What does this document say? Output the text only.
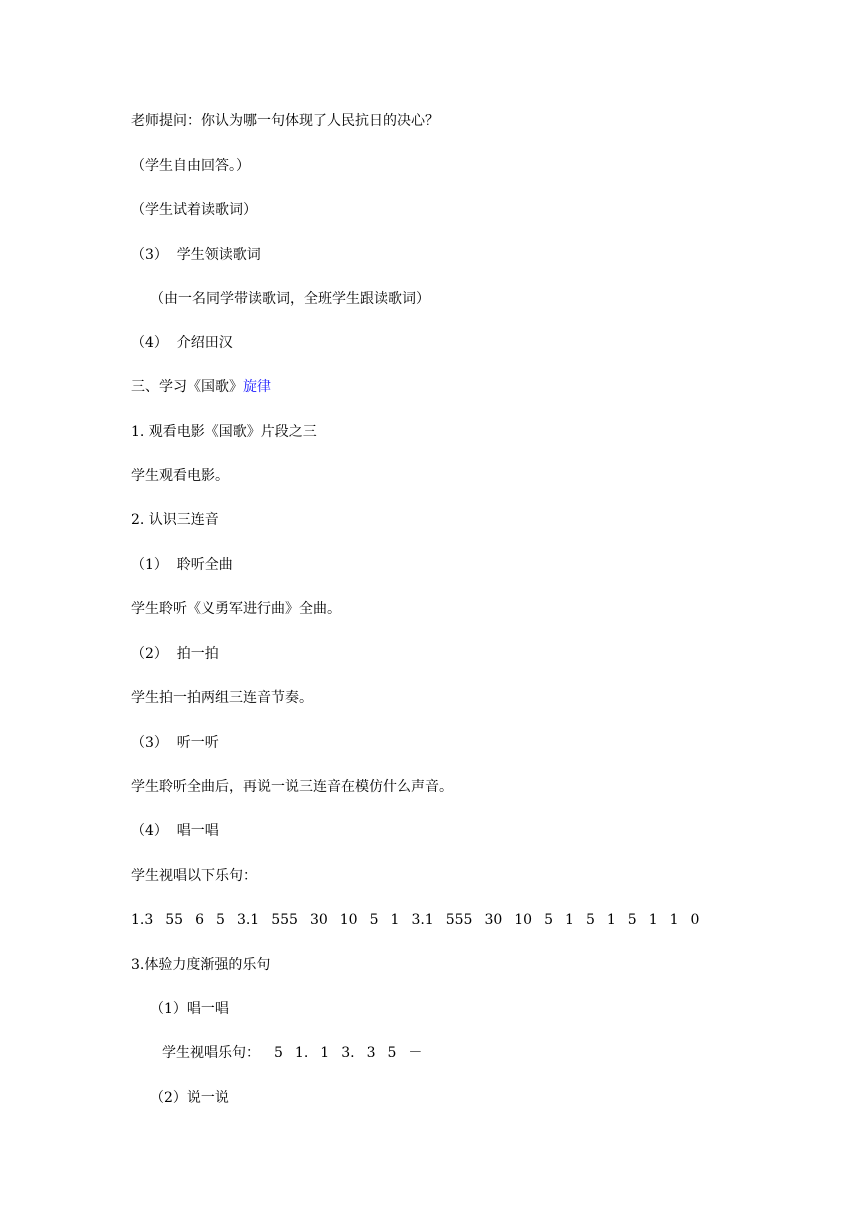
老师提问：你认为哪一句体现了人民抗日的决心？
（学生自由回答。）
（学生试着读歌词）
（3）  学生领读歌词
（由一名同学带读歌词，全班学生跟读歌词）
（4）  介绍田汉
三、学习《国歌》旋律
1. 观看电影《国歌》片段之三
学生观看电影。
2. 认识三连音
（1）  聆听全曲
学生聆听《义勇军进行曲》全曲。
（2）  拍一拍
学生拍一拍两组三连音节奏。
（3）  听一听
学生聆听全曲后，再说一说三连音在模仿什么声音。
（4）  唱一唱
学生视唱以下乐句：
1.3 55 6 5 3.1 555 30 10 5 1 3.1 555 30 10 5 1 5 1 5 1 1 0
3.体验力度渐强的乐句
（1）唱一唱
学生视唱乐句： 5 1. 1 3. 3 5 －
（2）说一说
